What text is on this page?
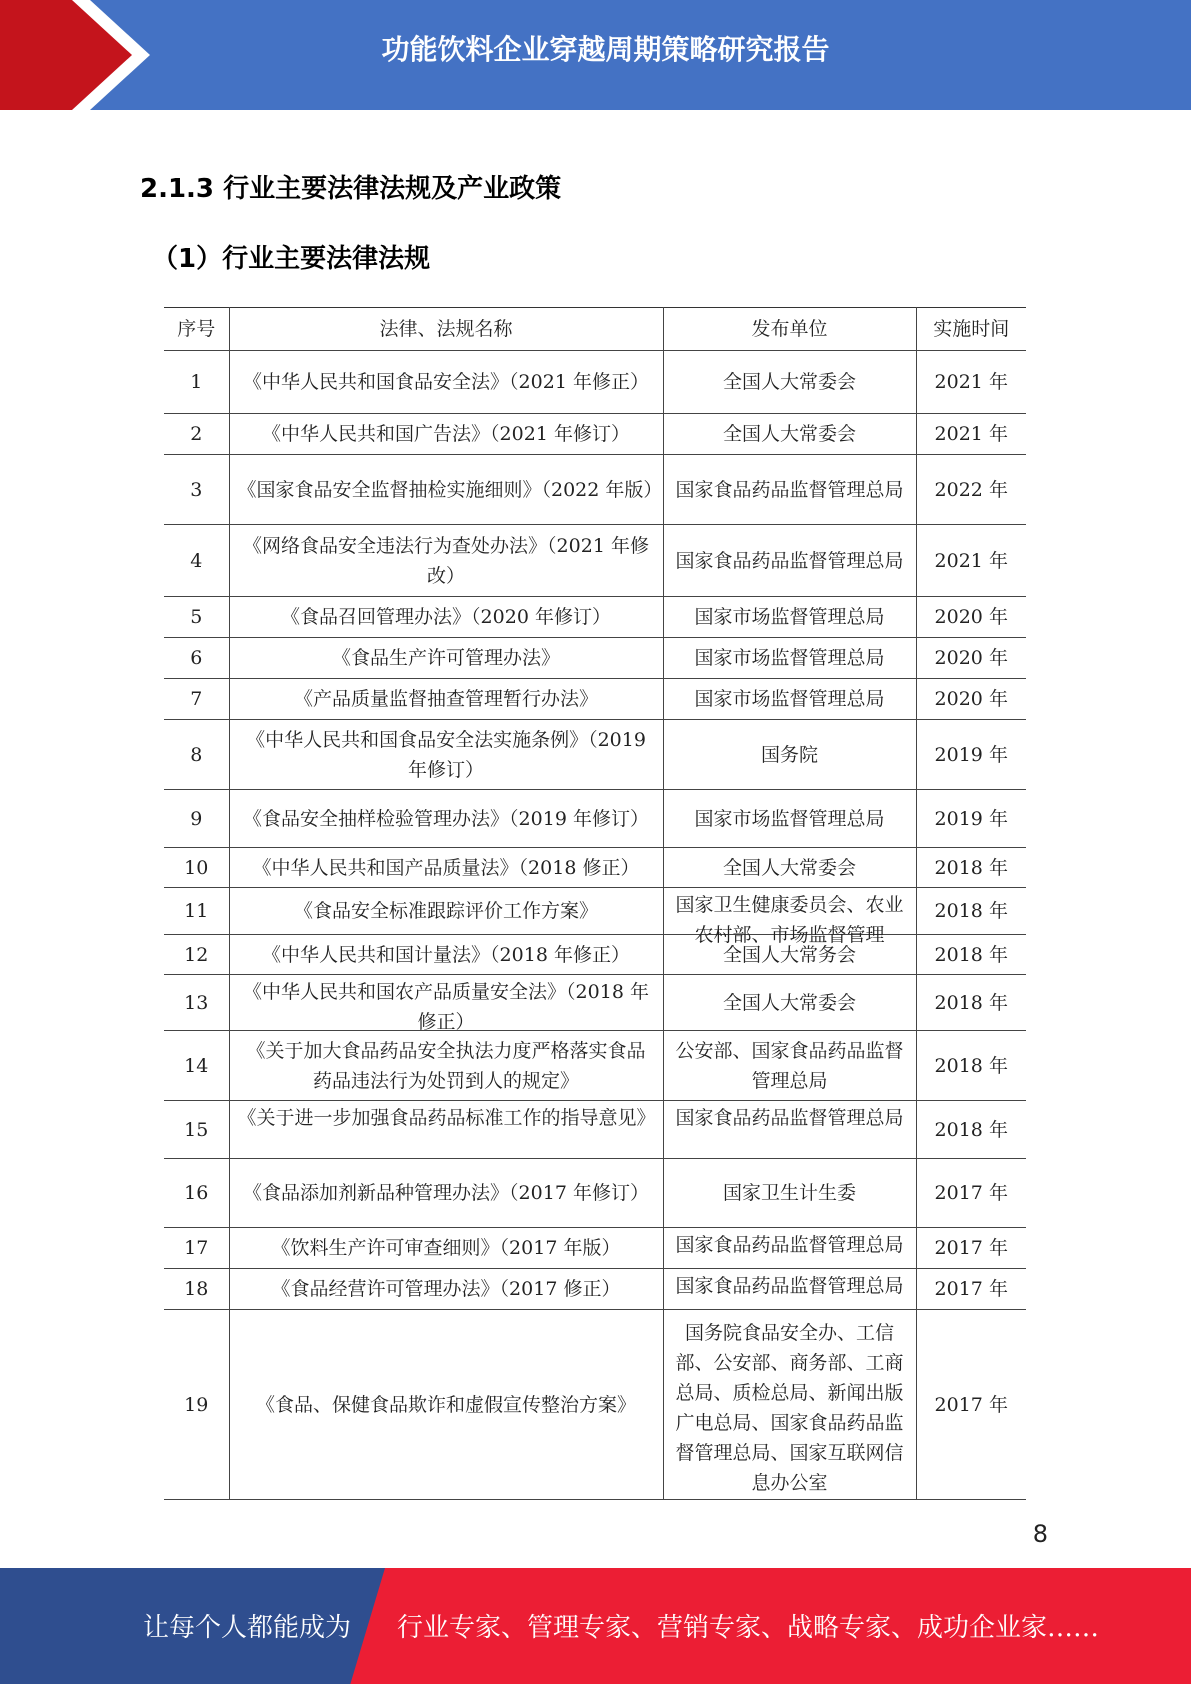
功能饮料企业穿越周期策略研究报告
2.1.3 行业主要法律法规及产业政策
（1）行业主要法律法规
序号	法律、法规名称	发布单位	实施时间
1	《中华人民共和国食品安全法》（2021 年修正）	全国人大常委会	2021 年
2	《中华人民共和国广告法》（2021 年修订）	全国人大常委会	2021 年
3	《国家食品安全监督抽检实施细则》（2022 年版）	国家食品药品监督管理总局	2022 年
4	《网络食品安全违法行为查处办法》（2021 年修改）	国家食品药品监督管理总局	2021 年
5	《食品召回管理办法》（2020 年修订）	国家市场监督管理总局	2020 年
6	《食品生产许可管理办法》	国家市场监督管理总局	2020 年
7	《产品质量监督抽查管理暂行办法》	国家市场监督管理总局	2020 年
8	《中华人民共和国食品安全法实施条例》（2019 年修订）	国务院	2019 年
9	《食品安全抽样检验管理办法》（2019 年修订）	国家市场监督管理总局	2019 年
10	《中华人民共和国产品质量法》（2018 修正）	全国人大常委会	2018 年
11	《食品安全标准跟踪评价工作方案》	国家卫生健康委员会、农业农村部、市场监督管理	2018 年
12	《中华人民共和国计量法》（2018 年修正）	全国人大常务会	2018 年
13	《中华人民共和国农产品质量安全法》（2018 年修正）	全国人大常委会	2018 年
14	《关于加大食品药品安全执法力度严格落实食品药品违法行为处罚到人的规定》	公安部、国家食品药品监督管理总局	2018 年
15	《关于进一步加强食品药品标准工作的指导意见》	国家食品药品监督管理总局	2018 年
16	《食品添加剂新品种管理办法》（2017 年修订）	国家卫生计生委	2017 年
17	《饮料生产许可审查细则》（2017 年版）	国家食品药品监督管理总局	2017 年
18	《食品经营许可管理办法》（2017 修正）	国家食品药品监督管理总局	2017 年
19	《食品、保健食品欺诈和虚假宣传整治方案》	国务院食品安全办、工信部、公安部、商务部、工商总局、质检总局、新闻出版广电总局、国家食品药品监督管理总局、国家互联网信息办公室	2017 年
8
让每个人都能成为 行业专家、管理专家、营销专家、战略专家、成功企业家……
